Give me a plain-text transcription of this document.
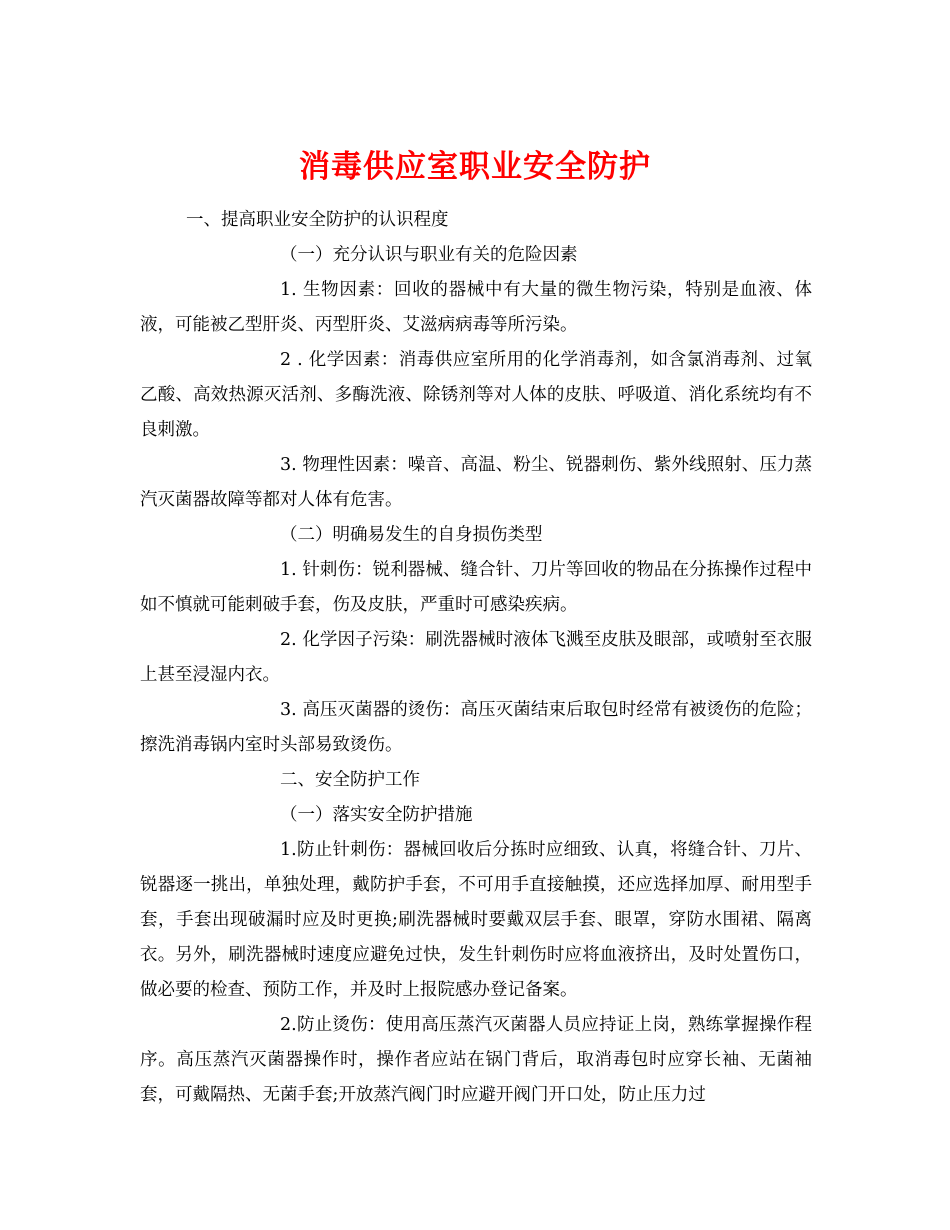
消毒供应室职业安全防护

一、提高职业安全防护的认识程度

（一）充分认识与职业有关的危险因素

1. 生物因素：回收的器械中有大量的微生物污染，特别是血液、体液，可能被乙型肝炎、丙型肝炎、艾滋病病毒等所污染。

2 . 化学因素：消毒供应室所用的化学消毒剂，如含氯消毒剂、过氧乙酸、高效热源灭活剂、多酶洗液、除锈剂等对人体的皮肤、呼吸道、消化系统均有不良刺激。

3. 物理性因素：噪音、高温、粉尘、锐器刺伤、紫外线照射、压力蒸汽灭菌器故障等都对人体有危害。

（二）明确易发生的自身损伤类型

1. 针刺伤：锐利器械、缝合针、刀片等回收的物品在分拣操作过程中如不慎就可能刺破手套，伤及皮肤，严重时可感染疾病。

2. 化学因子污染：刷洗器械时液体飞溅至皮肤及眼部，或喷射至衣服上甚至浸湿内衣。

3. 高压灭菌器的烫伤：高压灭菌结束后取包时经常有被烫伤的危险；擦洗消毒锅内室时头部易致烫伤。

二、安全防护工作

（一）落实安全防护措施

1.防止针刺伤：器械回收后分拣时应细致、认真，将缝合针、刀片、锐器逐一挑出，单独处理，戴防护手套，不可用手直接触摸，还应选择加厚、耐用型手套，手套出现破漏时应及时更换;刷洗器械时要戴双层手套、眼罩，穿防水围裙、隔离衣。另外，刷洗器械时速度应避免过快，发生针刺伤时应将血液挤出，及时处置伤口，做必要的检查、预防工作，并及时上报院感办登记备案。

2.防止烫伤：使用高压蒸汽灭菌器人员应持证上岗，熟练掌握操作程序。高压蒸汽灭菌器操作时，操作者应站在锅门背后，取消毒包时应穿长袖、无菌袖套，可戴隔热、无菌手套;开放蒸汽阀门时应避开阀门开口处，防止压力过
